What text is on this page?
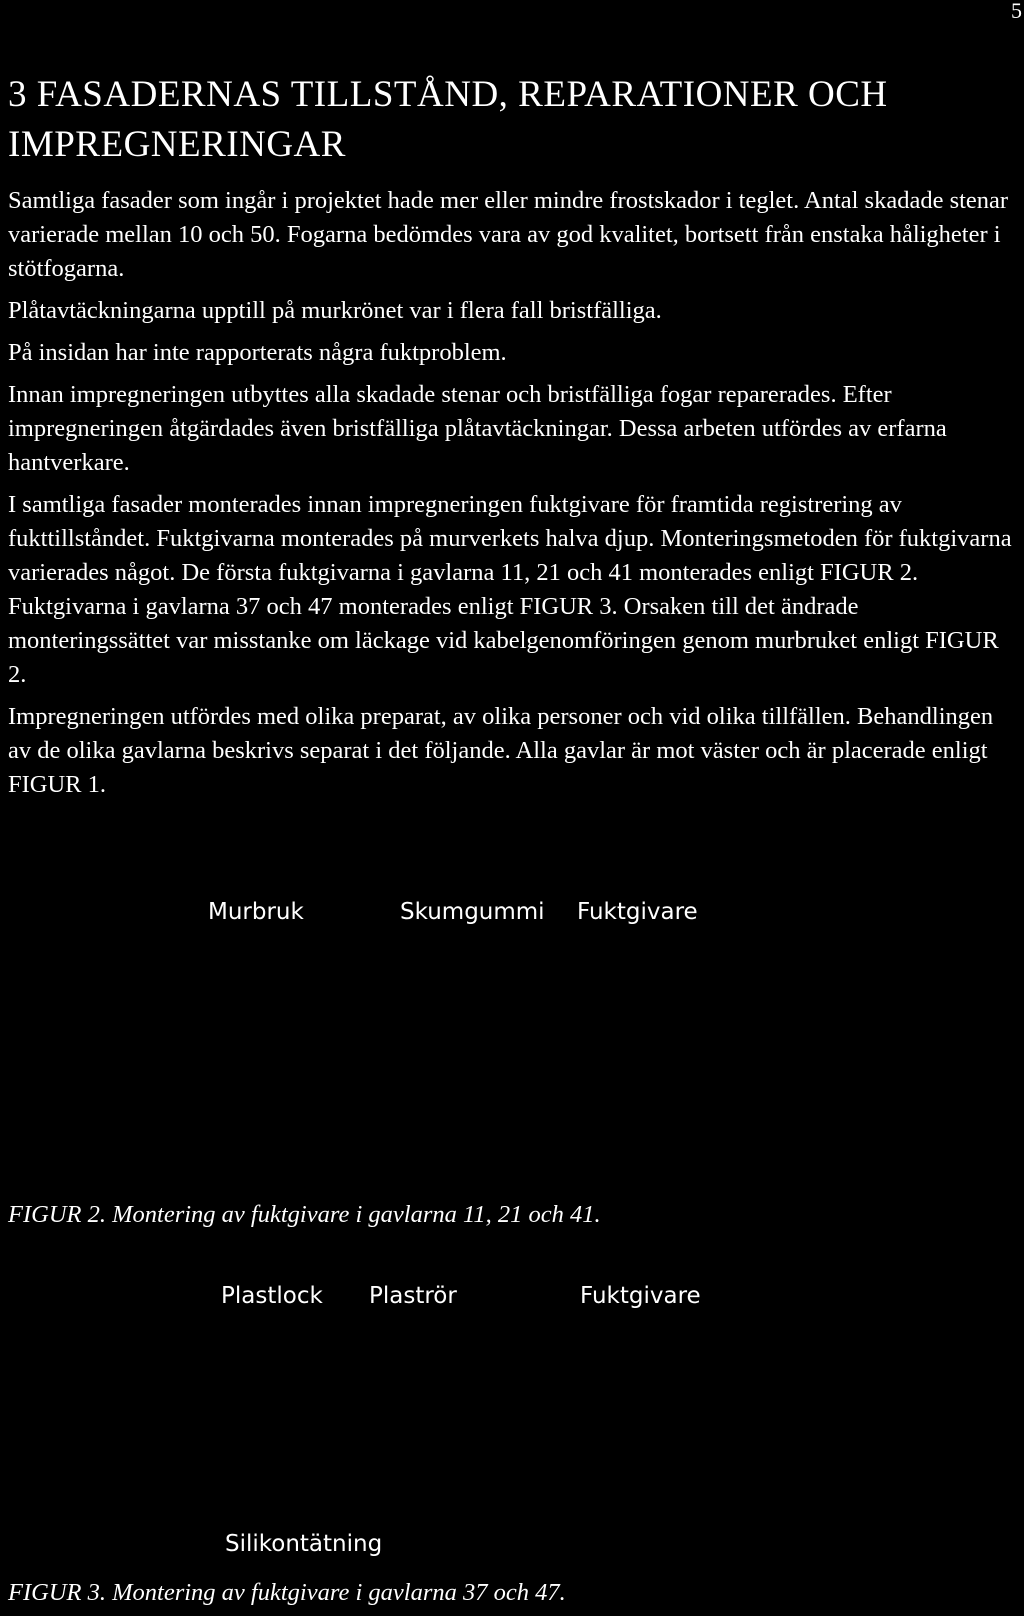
5
3 FASADERNAS TILLSTÅND, REPARATIONER OCH IMPREGNERINGAR

Samtliga fasader som ingår i projektet hade mer eller mindre frostskador i teglet. Antal skadade stenar varierade mellan 10 och 50. Fogarna bedömdes vara av god kvalitet, bortsett från enstaka håligheter i stötfogarna.

Plåtavtäckningarna upptill på murkrönet var i flera fall bristfälliga.

På insidan har inte rapporterats några fuktproblem.

Innan impregneringen utbyttes alla skadade stenar och bristfälliga fogar reparerades. Efter impregneringen åtgärdades även bristfälliga plåtavtäckningar. Dessa arbeten utfördes av erfarna hantverkare.

I samtliga fasader monterades innan impregneringen fuktgivare för framtida registrering av fukttillståndet. Fuktgivarna monterades på murverkets halva djup. Monteringsmetoden för fuktgivarna varierades något. De första fuktgivarna i gavlarna 11, 21 och 41 monterades enligt FIGUR 2. Fuktgivarna i gavlarna 37 och 47 monterades enligt FIGUR 3. Orsaken till det ändrade monteringssättet var misstanke om läckage vid kabelgenomföringen genom murbruket enligt FIGUR 2.

Impregneringen utfördes med olika preparat, av olika personer och vid olika tillfällen. Behandlingen av de olika gavlarna beskrivs separat i det följande. Alla gavlar är mot väster och är placerade enligt FIGUR 1.

Murbruk	Skumgummi Fuktgivare
FIGUR 2. Montering av fuktgivare i gavlarna 11, 21 och 41.
Plastlock Plaströr	Fuktgivare
Silikontätning
FIGUR 3. Montering av fuktgivare i gavlarna 37 och 47.
